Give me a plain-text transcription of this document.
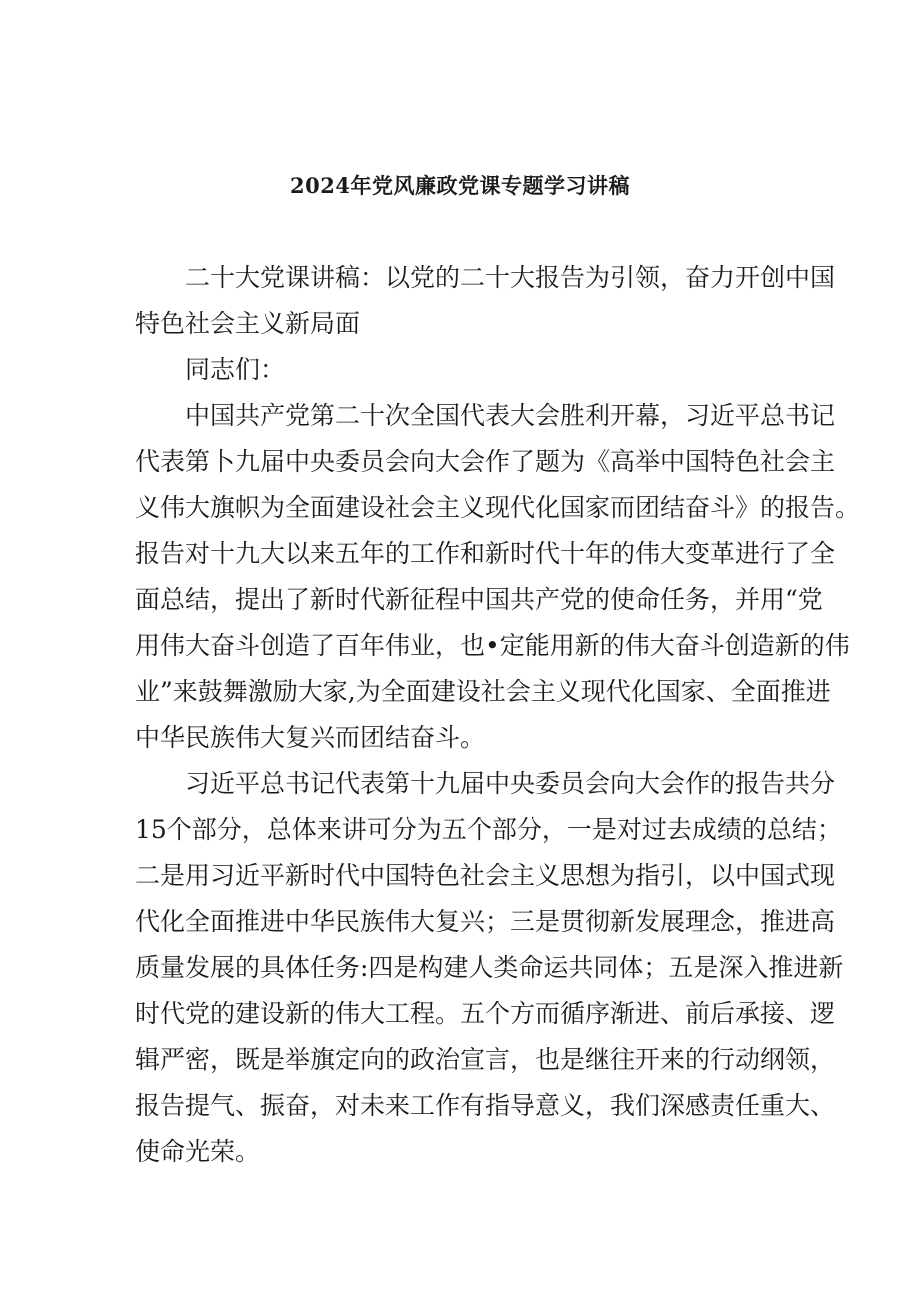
2024年党风廉政党课专题学习讲稿
二十大党课讲稿：以党的二十大报告为引领，奋力开创中国
特色社会主义新局面
同志们：
中国共产党第二十次全国代表大会胜利开幕，习近平总书记
代表第卜九届中央委员会向大会作了题为《高举中国特色社会主
义伟大旗帜为全面建设社会主义现代化国家而团结奋斗》的报告。
报告对十九大以来五年的工作和新时代十年的伟大变革进行了全
面总结，提出了新时代新征程中国共产党的使命任务，并用“党
用伟大奋斗创造了百年伟业，也•定能用新的伟大奋斗创造新的伟
业”来鼓舞激励大家,为全面建设社会主义现代化国家、全面推进
中华民族伟大复兴而团结奋斗。
习近平总书记代表第十九届中央委员会向大会作的报告共分
15个部分，总体来讲可分为五个部分，一是对过去成绩的总结；
二是用习近平新时代中国特色社会主义思想为指引，以中国式现
代化全面推进中华民族伟大复兴；三是贯彻新发展理念，推进高
质量发展的具体任务:四是构建人类命运共同体；五是深入推进新
时代党的建设新的伟大工程。五个方而循序渐进、前后承接、逻
辑严密，既是举旗定向的政治宣言，也是继往开来的行动纲领，
报告提气、振奋，对未来工作有指导意义，我们深感责任重大、
使命光荣。
